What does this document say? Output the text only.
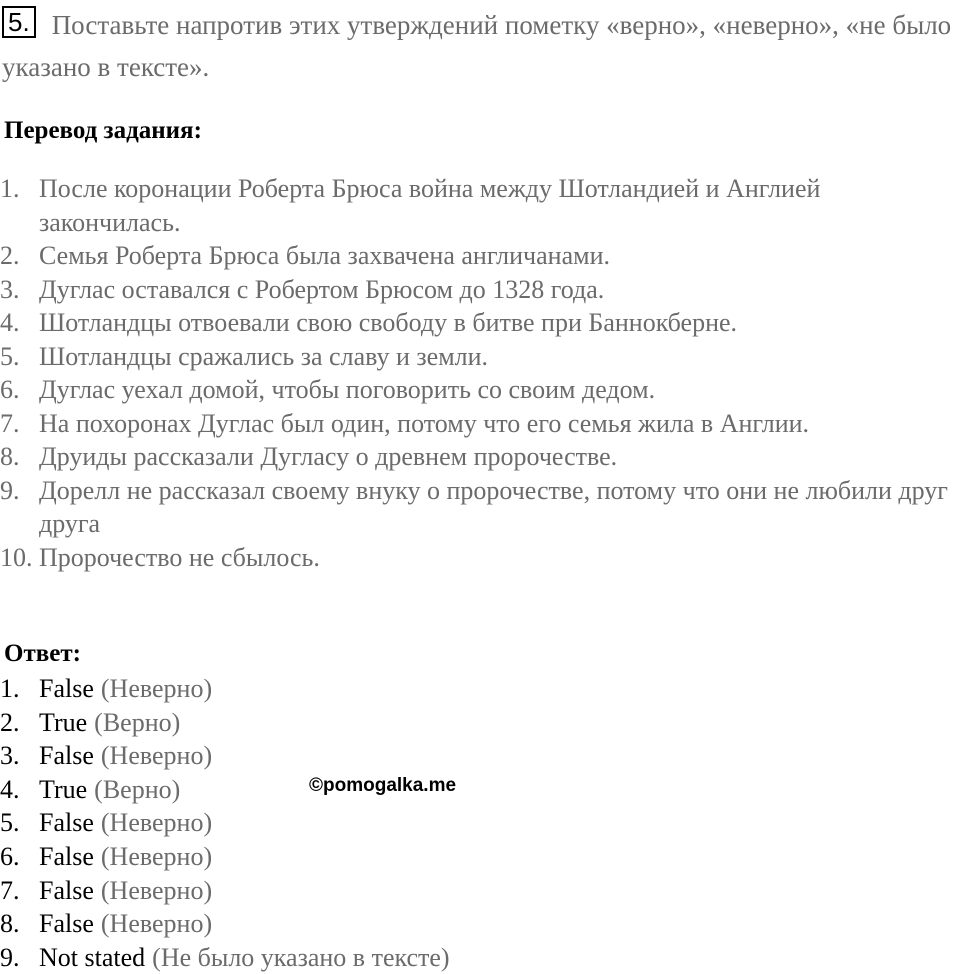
5. Поставьте напротив этих утверждений пометку «верно», «неверно», «не было указано в тексте».
Перевод задания:
1. После коронации Роберта Брюса война между Шотландией и Англией закончилась.
2. Семья Роберта Брюса была захвачена англичанами.
3. Дуглас оставался с Робертом Брюсом до 1328 года.
4. Шотландцы отвоевали свою свободу в битве при Баннокберне.
5. Шотландцы сражались за славу и земли.
6. Дуглас уехал домой, чтобы поговорить со своим дедом.
7. На похоронах Дуглас был один, потому что его семья жила в Англии.
8. Друиды рассказали Дугласу о древнем пророчестве.
9. Дорелл не рассказал своему внуку о пророчестве, потому что они не любили друг друга
10. Пророчество не сбылось.
Ответ:
1. False (Неверно)
2. True (Верно)
3. False (Неверно)
4. True (Верно)
5. False (Неверно)
6. False (Неверно)
7. False (Неверно)
8. False (Неверно)
9. Not stated (Не было указано в тексте)
©pomogalka.me
